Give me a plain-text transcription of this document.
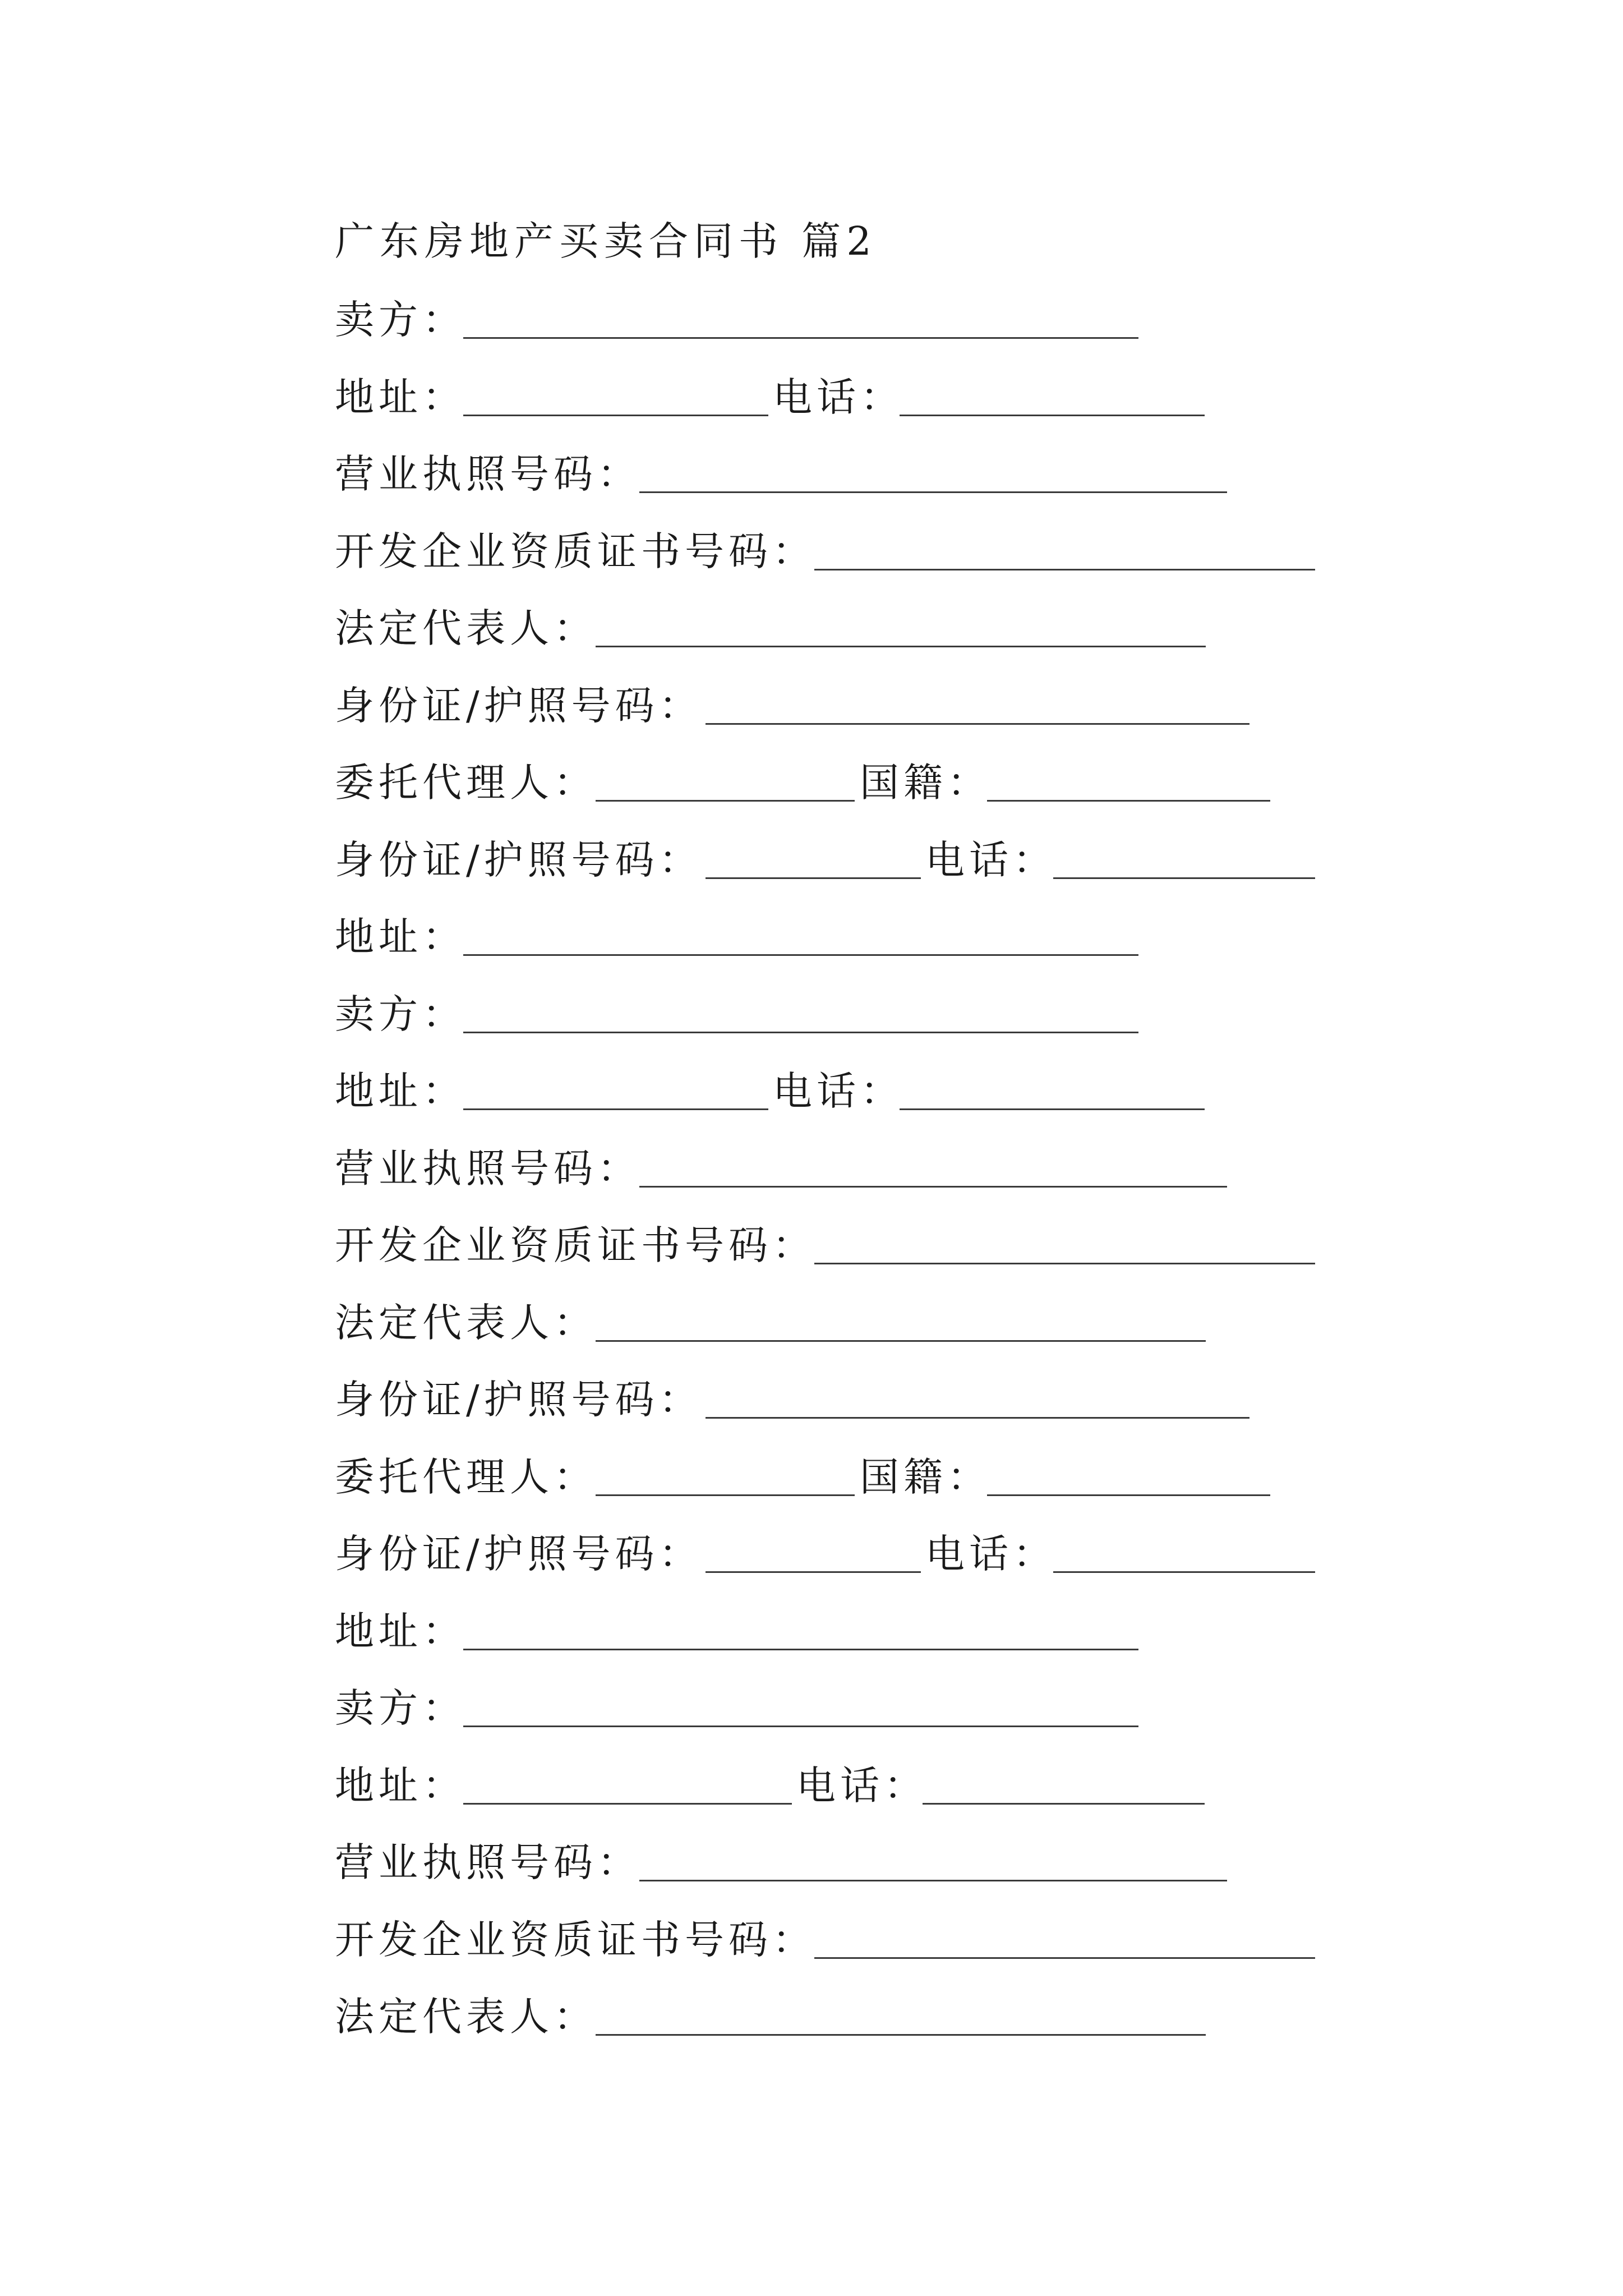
广东房地产买卖合同书 篇2
卖方：
地址：	电话：
营业执照号码：
开发企业资质证书号码：
法定代表人：
身份证/护照号码：
委托代理人：	国籍：
身份证/护照号码：	电话：
地址：
卖方：
地址：	电话：
营业执照号码：
开发企业资质证书号码：
法定代表人：
身份证/护照号码：
委托代理人：	国籍：
身份证/护照号码：	电话：
地址：
卖方：
地址：	电话：
营业执照号码：
开发企业资质证书号码：
法定代表人：
